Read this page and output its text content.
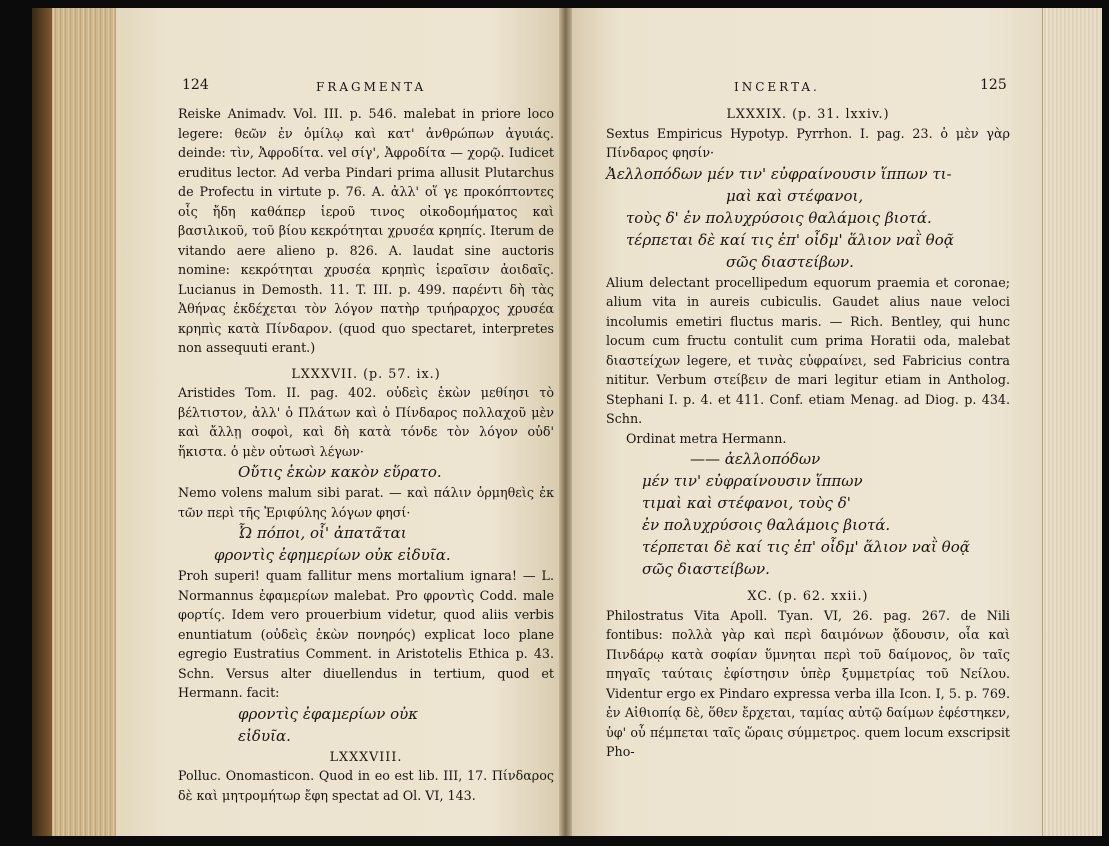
124	FRAGMENTA

Reiske Animadv. Vol. III. p. 546. malebat in priore loco legere: θεῶν ἐν ὁμίλῳ καὶ κατ' ἀνθρώπων ἀγυιάς. deinde: τὶν, Ἀφροδίτα. vel σίγ', Ἀφροδίτα — χορῷ. Iudicet eruditus lector. Ad verba Pindari prima allusit Plutarchus de Profectu in virtute p. 76. A. ἀλλ' οἵ γε προκόπτοντες οἷς ἤδη καθάπερ ἱεροῦ τινος οἰκοδομήματος καὶ βασιλικοῦ, τοῦ βίου κεκρότηται χρυσέα κρηπίς. Iterum de vitando aere alieno p. 826. A. laudat sine auctoris nomine: κεκρότηται χρυσέα κρηπὶς ἱεραῖσιν ἀοιδαῖς. Lucianus in Demosth. 11. T. III. p. 499. παρέντι δὴ τὰς Ἀθήνας ἐκδέχεται τὸν λόγον πατὴρ τριήραρχος χρυσέα κρηπὶς κατὰ Πίνδαρον. (quod quo spectaret, interpretes non assequuti erant.)

LXXXVII. (p. 57. ix.)

Aristides Tom. II. pag. 402. οὐδεὶς ἑκὼν μεθίησι τὸ βέλτιστον, ἀλλ' ὁ Πλάτων καὶ ὁ Πίνδαρος πολλαχοῦ μὲν καὶ ἄλλῃ σοφοὶ, καὶ δὴ κατὰ τόνδε τὸν λόγον οὐδ' ἥκιστα. ὁ μὲν οὑτωσὶ λέγων·

Οὔτις ἑκὼν κακὸν εὕρατο.

Nemo volens malum sibi parat. — καὶ πάλιν ὁρμηθεὶς ἐκ τῶν περὶ τῆς Ἐριφύλης λόγων φησί·

Ὦ πόποι, οἷ' ἀπατᾶται

φροντὶς ἐφημερίων οὐκ εἰδυῖα.

Proh superi! quam fallitur mens mortalium ignara! — L. Normannus ἐφαμερίων malebat. Pro φροντὶς Codd. male φορτίς. Idem vero prouerbium videtur, quod aliis verbis enuntiatum (οὐδεὶς ἑκὼν πονηρός) explicat loco plane egregio Eustratius Comment. in Aristotelis Ethica p. 43. Schn. Versus alter diuellendus in tertium, quod et Hermann. facit:

φροντὶς ἐφαμερίων οὐκ

εἰδυῖα.

LXXXVIII.

Polluc. Onomasticon. Quod in eo est lib. III, 17. Πίνδαρος δὲ καὶ μητρομήτωρ ἔφη spectat ad Ol. VI, 143.

INCERTA.	125

LXXXIX. (p. 31. lxxiv.)

Sextus Empiricus Hypotyp. Pyrrhon. I. pag. 23. ὁ μὲν γὰρ Πίνδαρος φησίν·

Ἀελλοπόδων μέν τιν' εὐφραίνουσιν ἵππων τι-

μαὶ καὶ στέφανοι,

τοὺς δ' ἐν πολυχρύσοις θαλάμοις βιοτά.

τέρπεται δὲ καί τις ἐπ' οἶδμ' ἅλιον ναῒ θοᾷ

σῶς διαστείβων.

Alium delectant procellipedum equorum praemia et coronae; alium vita in aureis cubiculis. Gaudet alius naue veloci incolumis emetiri fluctus maris. — Rich. Bentley, qui hunc locum cum fructu contulit cum prima Horatii oda, malebat διαστείχων legere, et τινὰς εὐφραίνει, sed Fabricius contra nititur. Verbum στείβειν de mari legitur etiam in Antholog. Stephani I. p. 4. et 411. Conf. etiam Menag. ad Diog. p. 434. Schn.

Ordinat metra Hermann.

—— ἀελλοπόδων

μέν τιν' εὐφραίνουσιν ἵππων

τιμαὶ καὶ στέφανοι, τοὺς δ'

ἐν πολυχρύσοις θαλάμοις βιοτά.

τέρπεται δὲ καί τις ἐπ' οἶδμ' ἅλιον ναῒ θοᾷ

σῶς διαστείβων.

XC. (p. 62. xxii.)

Philostratus Vita Apoll. Tyan. VI, 26. pag. 267. de Nili fontibus: πολλὰ γὰρ καὶ περὶ δαιμόνων ᾄδουσιν, οἷα καὶ Πινδάρῳ κατὰ σοφίαν ὕμνηται περὶ τοῦ δαίμονος, ὃν ταῖς πηγαῖς ταύταις ἐφίστησιν ὑπὲρ ξυμμετρίας τοῦ Νείλου. Videntur ergo ex Pindaro expressa verba illa Icon. I, 5. p. 769. ἐν Αἰθιοπίᾳ δὲ, ὅθεν ἔρχεται, ταμίας αὐτῷ δαίμων ἐφέστηκεν, ὑφ' οὗ πέμπεται ταῖς ὥραις σύμμετρος. quem locum exscripsit Pho-
